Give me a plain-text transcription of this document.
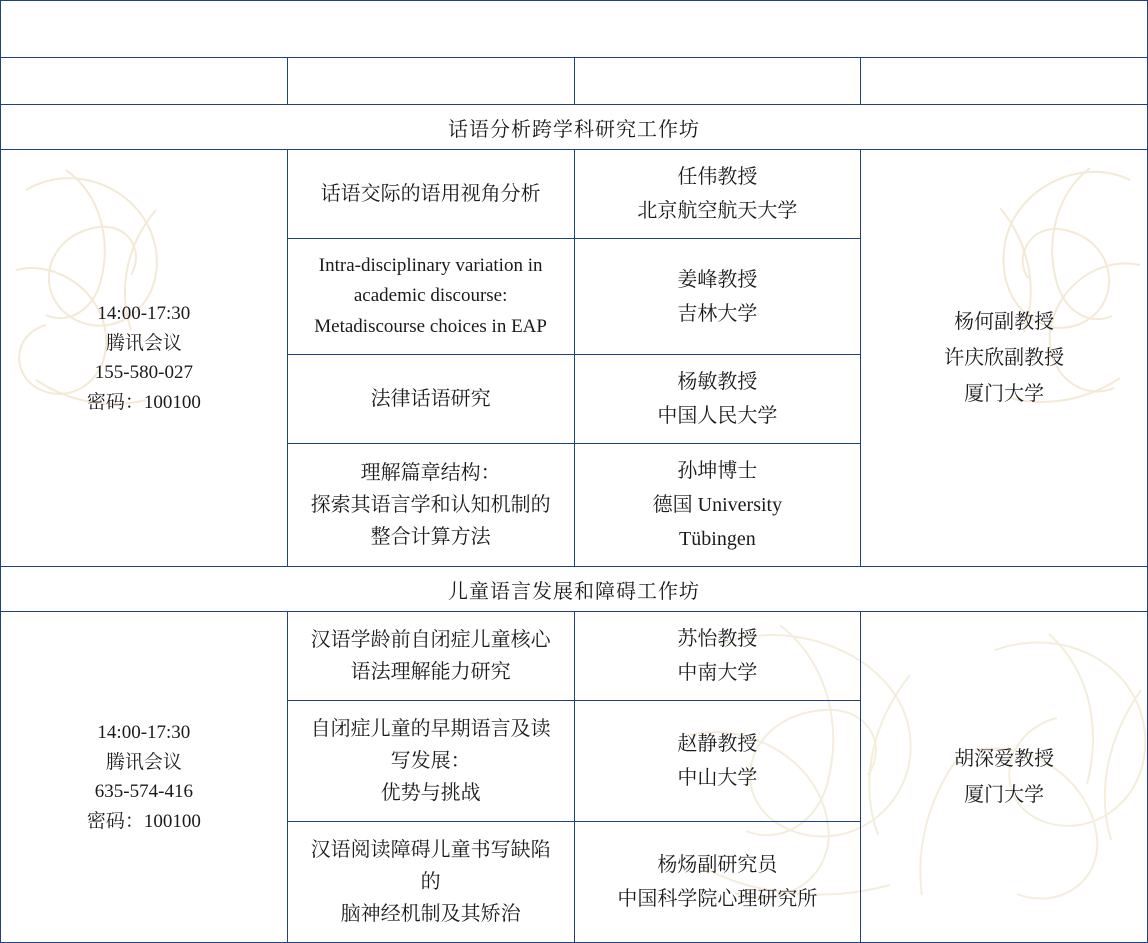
工作坊（3 月 25 日）			
时间	主题	讲座专家	主持人
话语分析跨学科研究工作坊			

14:00-17:30
腾讯会议
155-580-027
密码：100100	话语交际的语用视角分析	任伟教授
北京航空航天大学	杨何副教授
许庆欣副教授
厦门大学

	Intra-disciplinary variation in academic discourse:
Metadiscourse choices in EAP	姜峰教授
吉林大学	

	法律话语研究	杨敏教授
中国人民大学	

	理解篇章结构：
探索其语言学和认知机制的整合计算方法	孙坤博士
德国 University
Tübingen	

儿童语言发展和障碍工作坊			

14:00-17:30
腾讯会议
635-574-416
密码：100100	汉语学龄前自闭症儿童核心语法理解能力研究	苏怡教授
中南大学	胡深爱教授
厦门大学

	自闭症儿童的早期语言及读写发展：
优势与挑战	赵静教授
中山大学	

	汉语阅读障碍儿童书写缺陷的
脑神经机制及其矫治	杨炀副研究员
中国科学院心理研究所	
